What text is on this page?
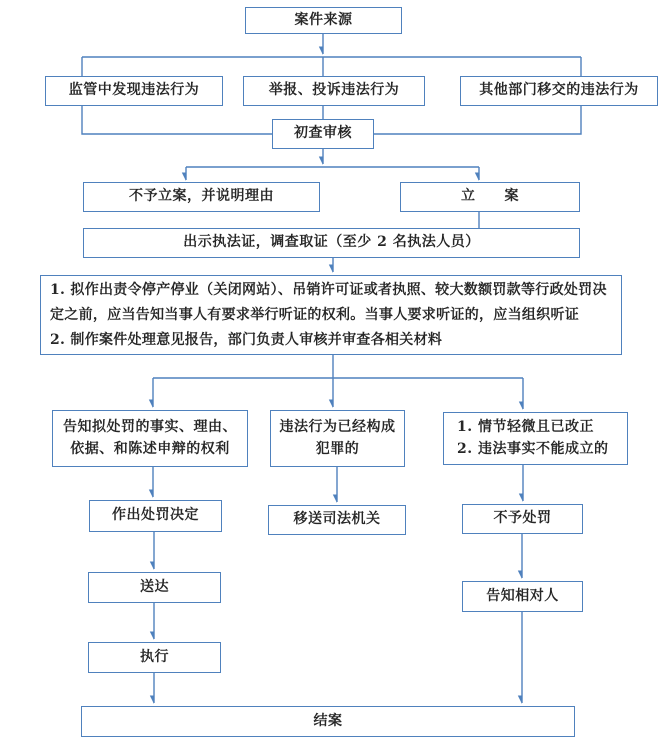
案件来源
监管中发现违法行为	举报、投诉违法行为	其他部门移交的违法行为
初查审核
不予立案，并说明理由	立　　案
出示执法证，调查取证（至少 2 名执法人员）
1. 拟作出责令停产停业（关闭网站）、吊销许可证或者执照、较大数额罚款等行政处罚决定之前，应当告知当事人有要求举行听证的权利。当事人要求听证的，应当组织听证
2. 制作案件处理意见报告，部门负责人审核并审查各相关材料
告知拟处罚的事实、理由、
依据、和陈述申辩的权利
违法行为已经构成
犯罪的
1. 情节轻微且已改正
2. 违法事实不能成立的
作出处罚决定	移送司法机关	不予处罚
送达
告知相对人
执行
结案
